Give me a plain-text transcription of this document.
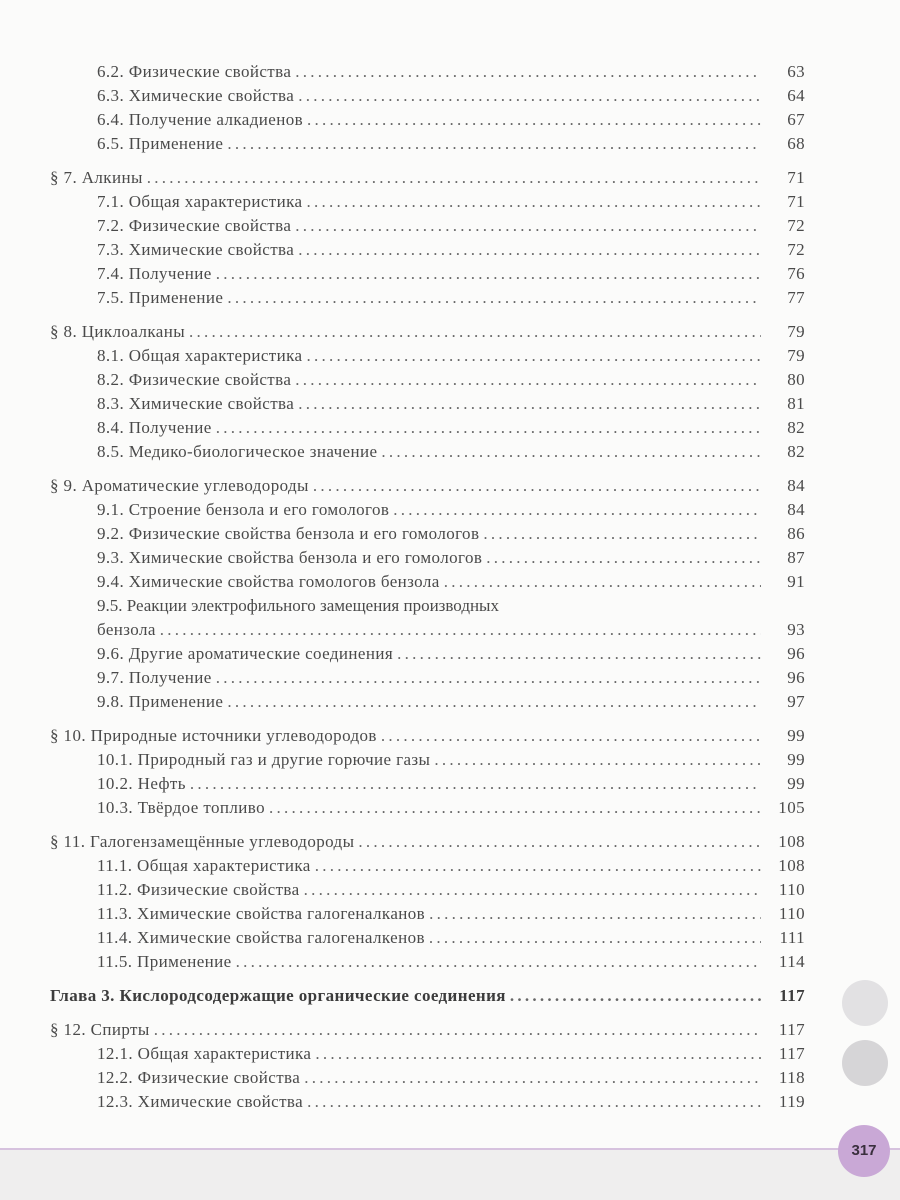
6.2. Физические свойства . . .	63
6.3. Химические свойства . . .	64
6.4. Получение алкадиенов . . .	67
6.5. Применение . . .	68
§ 7. Алкины . . .	71
7.1. Общая характеристика . . .	71
7.2. Физические свойства . . .	72
7.3. Химические свойства . . .	72
7.4. Получение . . .	76
7.5. Применение . . .	77
§ 8. Циклоалканы . . .	79
8.1. Общая характеристика . . .	79
8.2. Физические свойства . . .	80
8.3. Химические свойства . . .	81
8.4. Получение . . .	82
8.5. Медико-биологическое значение . . .	82
§ 9. Ароматические углеводороды . . .	84
9.1. Строение бензола и его гомологов . . .	84
9.2. Физические свойства бензола и его гомологов . . .	86
9.3. Химические свойства бензола и его гомологов . . .	87
9.4. Химические свойства гомологов бензола . . .	91
9.5. Реакции электрофильного замещения производных
бензола . . .	93
9.6. Другие ароматические соединения . . .	96
9.7. Получение . . .	96
9.8. Применение . . .	97
§ 10. Природные источники углеводородов . . .	99
10.1. Природный газ и другие горючие газы . . .	99
10.2. Нефть . . .	99
10.3. Твёрдое топливо . . .	105
§ 11. Галогензамещённые углеводороды . . .	108
11.1. Общая характеристика . . .	108
11.2. Физические свойства . . .	110
11.3. Химические свойства галогеналканов . . .	110
11.4. Химические свойства галогеналкенов . . .	111
11.5. Применение . . .	114
Глава 3. Кислородсодержащие органические соединения . . .	117
§ 12. Спирты . . .	117
12.1. Общая характеристика . . .	117
12.2. Физические свойства . . .	118
12.3. Химические свойства . . .	119
317
